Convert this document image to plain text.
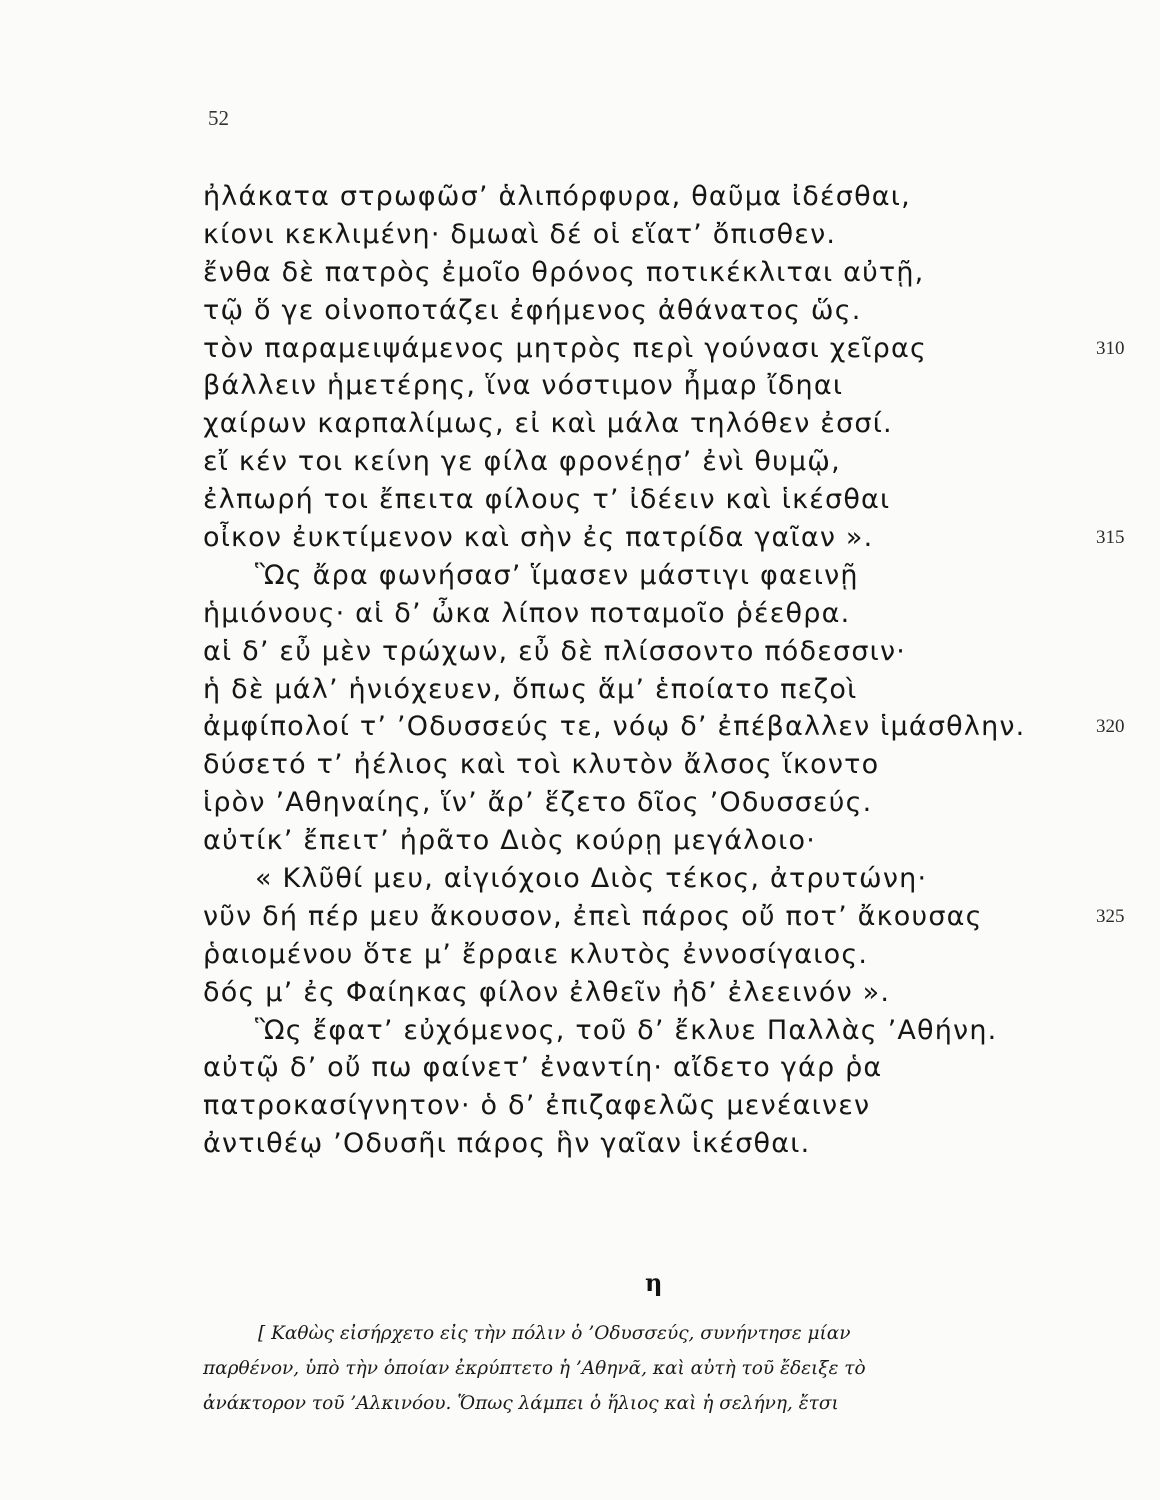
52
ἠλάκατα στρωφῶσ’ ἁλιπόρφυρα, θαῦμα ἰδέσθαι,
κίονι κεκλιμένη· δμωαὶ δέ οἱ εἵατ’ ὄπισθεν.
ἔνθα δὲ πατρὸς ἐμοῖο θρόνος ποτικέκλιται αὐτῇ,
τῷ ὅ γε οἰνοποτάζει ἐφήμενος ἀθάνατος ὥς.
τὸν παραμειψάμενος μητρὸς περὶ γούνασι χεῖρας	310
βάλλειν ἡμετέρης, ἵνα νόστιμον ἦμαρ ἴδηαι
χαίρων καρπαλίμως, εἰ καὶ μάλα τηλόθεν ἐσσί.
εἴ κέν τοι κείνη γε φίλα φρονέῃσ’ ἐνὶ θυμῷ,
ἐλπωρή τοι ἔπειτα φίλους τ’ ἰδέειν καὶ ἱκέσθαι
οἶκον ἐυκτίμενον καὶ σὴν ἐς πατρίδα γαῖαν ».	315
Ὣς ἄρα φωνήσασ’ ἵμασεν μάστιγι φαεινῇ
ἡμιόνους· αἱ δ’ ὦκα λίπον ποταμοῖο ῥέεθρα.
αἱ δ’ εὖ μὲν τρώχων, εὖ δὲ πλίσσοντο πόδεσσιν·
ἡ δὲ μάλ’ ἡνιόχευεν, ὅπως ἅμ’ ἑποίατο πεζοὶ
ἀμφίπολοί τ’ ’Οδυσσεύς τε, νόῳ δ’ ἐπέβαλλεν ἱμάσθλην.	320
δύσετό τ’ ἠέλιος καὶ τοὶ κλυτὸν ἄλσος ἵκοντο
ἱρὸν ’Αθηναίης, ἵν’ ἄρ’ ἕζετο δῖος ’Οδυσσεύς.
αὐτίκ’ ἔπειτ’ ἠρᾶτο Διὸς κούρῃ μεγάλοιο·
« Κλῦθί μευ, αἰγιόχοιο Διὸς τέκος, ἀτρυτώνη·
νῦν δή πέρ μευ ἄκουσον, ἐπεὶ πάρος οὔ ποτ’ ἄκουσας	325
ῥαιομένου ὅτε μ’ ἔρραιε κλυτὸς ἐννοσίγαιος.
δός μ’ ἐς Φαίηκας φίλον ἐλθεῖν ἠδ’ ἐλεεινόν ».
Ὣς ἔφατ’ εὐχόμενος, τοῦ δ’ ἔκλυε Παλλὰς ’Αθήνη.
αὐτῷ δ’ οὔ πω φαίνετ’ ἐναντίη· αἴδετο γάρ ῥα
πατροκασίγνητον· ὁ δ’ ἐπιζαφελῶς μενέαινεν
ἀντιθέῳ ’Οδυσῆι πάρος ἣν γαῖαν ἱκέσθαι.
η
[ Καθὼς εἰσήρχετο εἰς τὴν πόλιν ὁ ’Οδυσσεύς, συνήντησε μίαν
παρθένον, ὑπὸ τὴν ὁποίαν ἐκρύπτετο ἡ ’Αθηνᾶ, καὶ αὐτὴ τοῦ ἔδειξε τὸ
ἀνάκτορον τοῦ ’Αλκινόου. Ὅπως λάμπει ὁ ἥλιος καὶ ἡ σελήνη, ἔτσι
